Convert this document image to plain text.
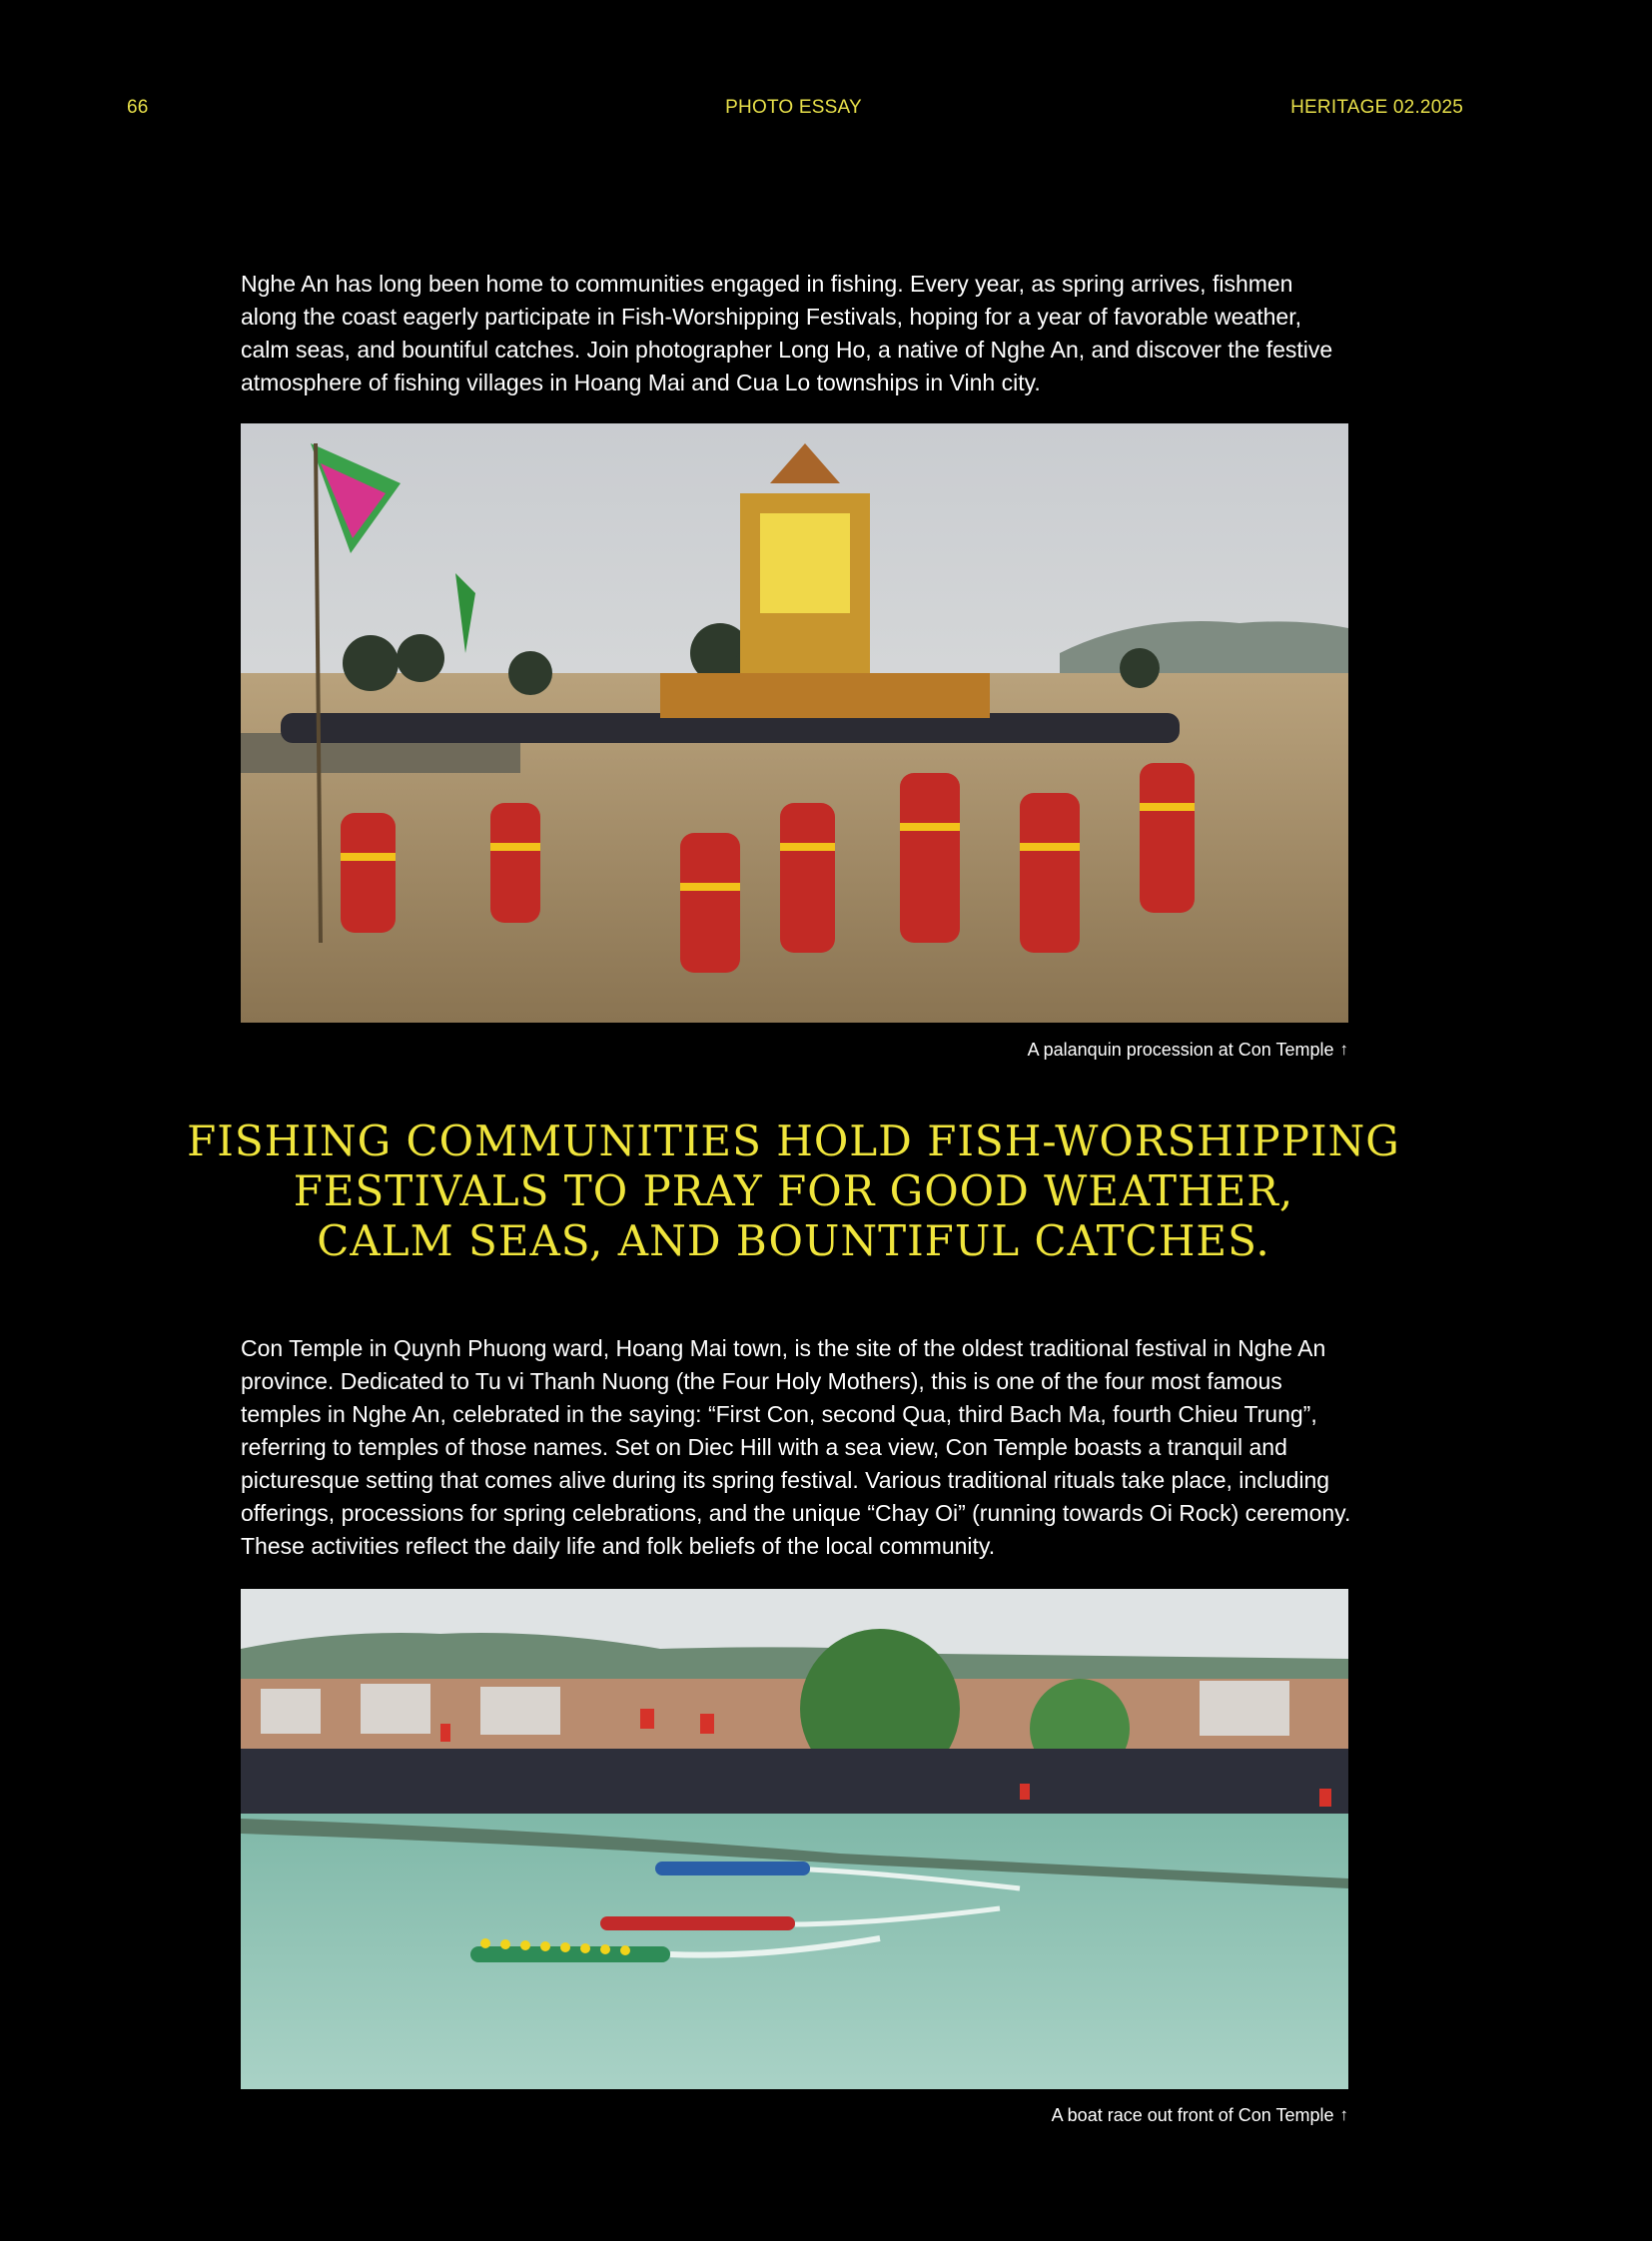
66	PHOTO ESSAY	HERITAGE 02.2025

Nghe An has long been home to communities engaged in fishing. Every year, as spring arrives, fishmen along the coast eagerly participate in Fish-Worshipping Festivals, hoping for a year of favorable weather, calm seas, and bountiful catches. Join photographer Long Ho, a native of Nghe An, and discover the festive atmosphere of fishing villages in Hoang Mai and Cua Lo townships in Vinh city.

A palanquin procession at Con Temple ↑
FISHING COMMUNITIES HOLD FISH-WORSHIPPING
FESTIVALS TO PRAY FOR GOOD WEATHER,
CALM SEAS, AND BOUNTIFUL CATCHES.

Con Temple in Quynh Phuong ward, Hoang Mai town, is the site of the oldest traditional festival in Nghe An province. Dedicated to Tu vi Thanh Nuong (the Four Holy Mothers), this is one of the four most famous temples in Nghe An, celebrated in the saying: “First Con, second Qua, third Bach Ma, fourth Chieu Trung”, referring to temples of those names. Set on Diec Hill with a sea view, Con Temple boasts a tranquil and picturesque setting that comes alive during its spring festival. Various traditional rituals take place, including offerings, processions for spring celebrations, and the unique “Chay Oi” (running towards Oi Rock) ceremony. These activities reflect the daily life and folk beliefs of the local community.

A boat race out front of Con Temple ↑
